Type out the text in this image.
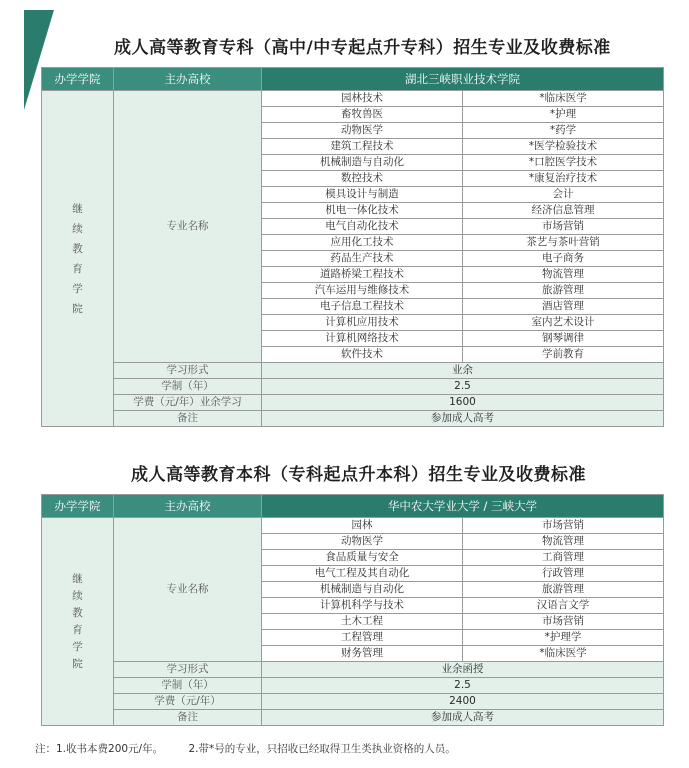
成人高等教育专科（高中/中专起点升专科）招生专业及收费标准
办学学院	主办高校	湖北三峡职业技术学院	
继续教育学院	专业名称	园林技术	*临床医学
		畜牧兽医	*护理
		动物医学	*药学
		建筑工程技术	*医学检验技术
		机械制造与自动化	*口腔医学技术
		数控技术	*康复治疗技术
		模具设计与制造	会计
		机电一体化技术	经济信息管理
		电气自动化技术	市场营销
		应用化工技术	茶艺与茶叶营销
		药品生产技术	电子商务
		道路桥梁工程技术	物流管理
		汽车运用与维修技术	旅游管理
		电子信息工程技术	酒店管理
		计算机应用技术	室内艺术设计
		计算机网络技术	钢琴调律
		软件技术	学前教育
	学习形式	业余	
	学制（年）	2.5	
	学费（元/年）业余学习	1600	
	备注	参加成人高考	
成人高等教育本科（专科起点升本科）招生专业及收费标准
办学学院	主办高校	华中农大学业大学 / 三峡大学	
继续教育学院	专业名称	园林	市场营销
		动物医学	物流管理
		食品质量与安全	工商管理
		电气工程及其自动化	行政管理
		机械制造与自动化	旅游管理
		计算机科学与技术	汉语言文学
		土木工程	市场营销
		工程管理	*护理学
		财务管理	*临床医学
	学习形式	业余函授	
	学制（年）	2.5	
	学费（元/年）	2400	
	备注	参加成人高考	
注：1.收书本费200元/年。 2.带*号的专业，只招收已经取得卫生类执业资格的人员。
